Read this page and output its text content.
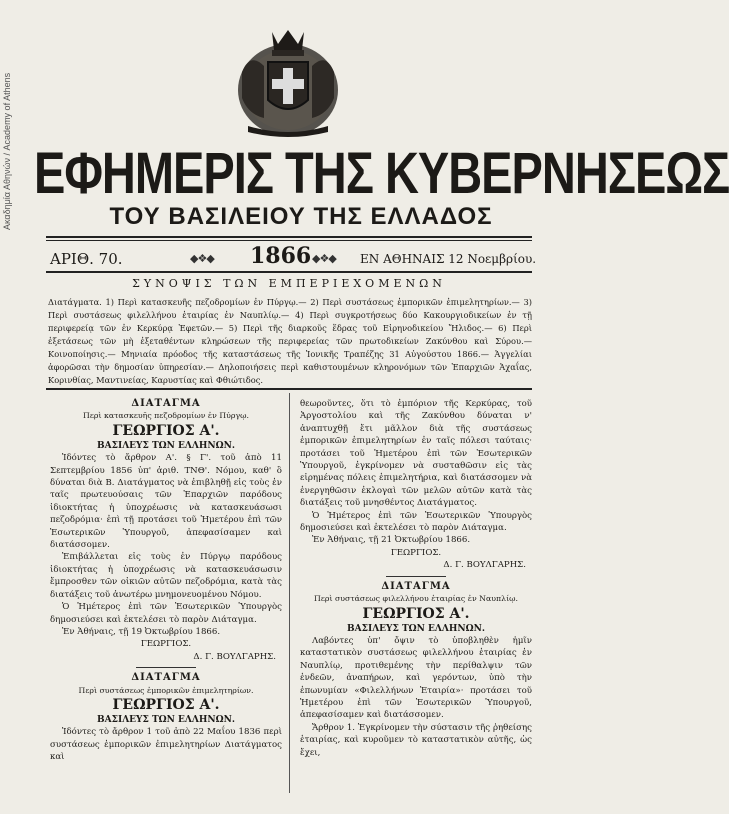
Ακαδημία Αθηνών / Academy of Athens ΕΦΗΜΕΡΙΣ ΤΗΣ ΚΥΒΕΡΝΗΣΕΩΣ
ΤΟΥ ΒΑΣΙΛΕΙΟΥ ΤΗΣ ΕΛΛΑΔΟΣ
ΑΡΙΘ. 70.	◆❖◆ 1866 ◆❖◆ ΕΝ ΑΘΗΝΑΙΣ 12 Νοεμβρίου.
ΣΥΝΟΨΙΣ ΤΩΝ ΕΜΠΕΡΙΕΧΟΜΕΝΩΝ
Διατάγματα. 1) Περὶ κατασκευῆς πεζοδρομίων ἐν Πύργῳ.— 2) Περὶ συστάσεως ἐμπορικῶν ἐπιμελητηρίων.— 3) Περὶ συστάσεως φιλελλήνου ἑταιρίας ἐν Ναυπλίῳ.— 4) Περὶ συγκροτήσεως δύο Κακουργιοδικείων ἐν τῇ περιφερείᾳ τῶν ἐν Κερκύρᾳ Ἐφετῶν.— 5) Περὶ τῆς διαρκοῦς ἕδρας τοῦ Εἰρηνοδικείου Ἤλιδος.— 6) Περὶ ἐξετάσεως τῶν μὴ ἐξεταθέντων κληρώσεων τῆς περιφερείας τῶν πρωτοδικείων Ζακύνθου καὶ Σύρου.— Κοινοποίησις.— Μηνιαία πρόοδος τῆς καταστάσεως τῆς Ἰονικῆς Τραπέζης 31 Αὐγούστου 1866.— Ἀγγελίαι ἀφορῶσαι τὴν δημοσίαν ὑπηρεσίαν.— Δηλοποιήσεις περὶ καθιστουμένων κληρονόμων τῶν Ἐπαρχιῶν Ἀχαΐας, Κορινθίας, Μαντινείας, Καρυστίας καὶ Φθιώτιδος.
ΔΙΑΤΑΓΜΑ
Περὶ κατασκευῆς πεζοδρομίων ἐν Πύργῳ.
ΓΕΩΡΓΙΟΣ Α'.
ΒΑΣΙΛΕΥΣ ΤΩΝ ΕΛΛΗΝΩΝ.

Ἰδόντες τὸ ἄρθρον Α'. § Γ'. τοῦ ἀπὸ 11 Σεπτεμβρίου 1856 ὑπ' ἀριθ. ΤΝΘ'. Νόμου, καθ' ὃ δύναται διὰ Β. Διατάγματος νὰ ἐπιβληθῇ εἰς τοὺς ἐν ταῖς πρωτευούσαις τῶν Ἐπαρχιῶν παρόδους ἰδιοκτήτας ἡ ὑποχρέωσις νὰ κατασκευάσωσι πεζοδρόμια· ἐπὶ τῇ προτάσει τοῦ Ἡμετέρου ἐπὶ τῶν Ἐσωτερικῶν Ὑπουργοῦ, ἀπεφασίσαμεν καὶ διατάσσομεν.

Ἐπιβάλλεται εἰς τοὺς ἐν Πύργῳ παρόδους ἰδιοκτήτας ἡ ὑποχρέωσις νὰ κατασκευάσωσιν ἔμπροσθεν τῶν οἰκιῶν αὐτῶν πεζοδρόμια, κατὰ τὰς διατάξεις τοῦ ἀνωτέρω μνημονευομένου Νόμου.

Ὁ Ἡμέτερος ἐπὶ τῶν Ἐσωτερικῶν Ὑπουργὸς δημοσιεύσει καὶ ἐκτελέσει τὸ παρὸν Διάταγμα.

Ἐν Ἀθήναις, τῇ 19 Ὀκτωβρίου 1866.

ΓΕΩΡΓΙΟΣ.
Δ. Γ. ΒΟΥΛΓΑΡΗΣ.
ΔΙΑΤΑΓΜΑ
Περὶ συστάσεως ἐμπορικῶν ἐπιμελητηρίων.
ΓΕΩΡΓΙΟΣ Α'.
ΒΑΣΙΛΕΥΣ ΤΩΝ ΕΛΛΗΝΩΝ.

Ἰδόντες τὸ ἄρθρον 1 τοῦ ἀπὸ 22 Μαΐου 1836 περὶ συστάσεως ἐμπορικῶν ἐπιμελητηρίων Διατάγματος καὶ

θεωροῦντες, ὅτι τὸ ἐμπόριον τῆς Κερκύρας, τοῦ Ἀργοστολίου καὶ τῆς Ζακύνθου δύναται ν' ἀναπτυχθῇ ἔτι μᾶλλον διὰ τῆς συστάσεως ἐμπορικῶν ἐπιμελητηρίων ἐν ταῖς πόλεσι ταύταις· προτάσει τοῦ Ἡμετέρου ἐπὶ τῶν Ἐσωτερικῶν Ὑπουργοῦ, ἐγκρίνομεν νὰ συσταθῶσιν εἰς τὰς εἰρημένας πόλεις ἐπιμελητήρια, καὶ διατάσσομεν νὰ ἐνεργηθῶσιν ἐκλογαὶ τῶν μελῶν αὐτῶν κατὰ τὰς διατάξεις τοῦ μνησθέντος Διατάγματος.

Ὁ Ἡμέτερος ἐπὶ τῶν Ἐσωτερικῶν Ὑπουργὸς δημοσιεύσει καὶ ἐκτελέσει τὸ παρὸν Διάταγμα.

Ἐν Ἀθήναις, τῇ 21 Ὀκτωβρίου 1866.

ΓΕΩΡΓΙΟΣ.
Δ. Γ. ΒΟΥΛΓΑΡΗΣ.
ΔΙΑΤΑΓΜΑ
Περὶ συστάσεως φιλελλήνου ἑταιρίας ἐν Ναυπλίῳ.
ΓΕΩΡΓΙΟΣ Α'.
ΒΑΣΙΛΕΥΣ ΤΩΝ ΕΛΛΗΝΩΝ.

Λαβόντες ὑπ' ὄψιν τὸ ὑποβληθὲν ἡμῖν καταστατικὸν συστάσεως φιλελλήνου ἑταιρίας ἐν Ναυπλίῳ, προτιθεμένης τὴν περίθαλψιν τῶν ἐνδεῶν, ἀναπήρων, καὶ γερόντων, ὑπὸ τὴν ἐπωνυμίαν «Φιλελλήνων Ἑταιρία»· προτάσει τοῦ Ἡμετέρου ἐπὶ τῶν Ἐσωτερικῶν Ὑπουργοῦ, ἀπεφασίσαμεν καὶ διατάσσομεν.

Ἄρθρον 1. Ἐγκρίνομεν τὴν σύστασιν τῆς ῥηθείσης ἑταιρίας, καὶ κυροῦμεν τὸ καταστατικὸν αὐτῆς, ὡς ἔχει,
